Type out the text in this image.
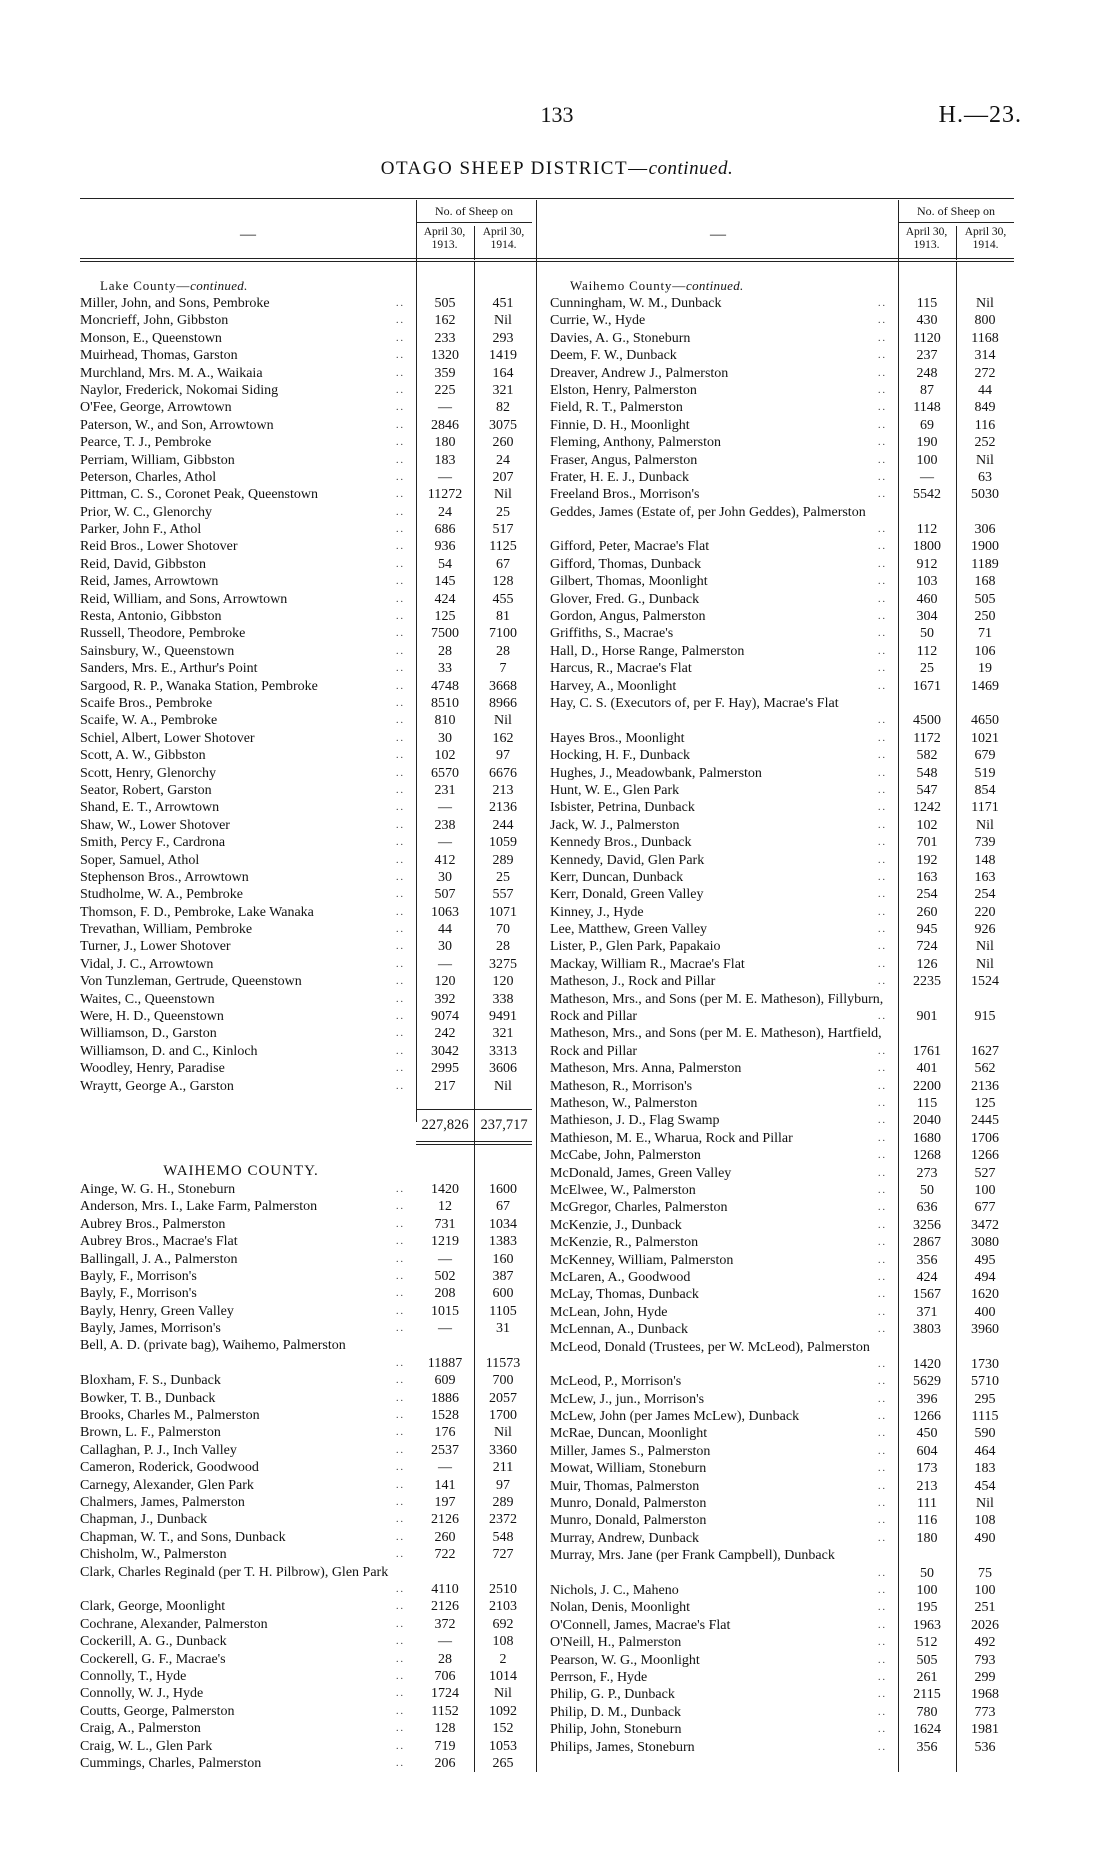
133	H.—23.
OTAGO SHEEP DISTRICT—continued.
—
No. of Sheep on
April 30, 1913.
April 30, 1914.
Lake County—continued.
Miller, John, and Sons, Pembroke	..	505	451
Moncrieff, John, Gibbston	..	162	Nil
Monson, E., Queenstown	..	233	293
Muirhead, Thomas, Garston	..	1320	1419
Murchland, Mrs. M. A., Waikaia	..	359	164
Naylor, Frederick, Nokomai Siding	..	225	321
O'Fee, George, Arrowtown	..	—	82
Paterson, W., and Son, Arrowtown	..	2846	3075
Pearce, T. J., Pembroke	..	180	260
Perriam, William, Gibbston	..	183	24
Peterson, Charles, Athol	..	—	207
Pittman, C. S., Coronet Peak, Queenstown	..	11272	Nil
Prior, W. C., Glenorchy	..	24	25
Parker, John F., Athol	..	686	517
Reid Bros., Lower Shotover	..	936	1125
Reid, David, Gibbston	..	54	67
Reid, James, Arrowtown	..	145	128
Reid, William, and Sons, Arrowtown	..	424	455
Resta, Antonio, Gibbston	..	125	81
Russell, Theodore, Pembroke	..	7500	7100
Sainsbury, W., Queenstown	..	28	28
Sanders, Mrs. E., Arthur's Point	..	33	7
Sargood, R. P., Wanaka Station, Pembroke	..	4748	3668
Scaife Bros., Pembroke	..	8510	8966
Scaife, W. A., Pembroke	..	810	Nil
Schiel, Albert, Lower Shotover	..	30	162
Scott, A. W., Gibbston	..	102	97
Scott, Henry, Glenorchy	..	6570	6676
Seator, Robert, Garston	..	231	213
Shand, E. T., Arrowtown	..	—	2136
Shaw, W., Lower Shotover	..	238	244
Smith, Percy F., Cardrona	..	—	1059
Soper, Samuel, Athol	..	412	289
Stephenson Bros., Arrowtown	..	30	25
Studholme, W. A., Pembroke	..	507	557
Thomson, F. D., Pembroke, Lake Wanaka	..	1063	1071
Trevathan, William, Pembroke	..	44	70
Turner, J., Lower Shotover	..	30	28
Vidal, J. C., Arrowtown	..	—	3275
Von Tunzleman, Gertrude, Queenstown	..	120	120
Waites, C., Queenstown	..	392	338
Were, H. D., Queenstown	..	9074	9491
Williamson, D., Garston	..	242	321
Williamson, D. and C., Kinloch	..	3042	3313
Woodley, Henry, Paradise	..	2995	3606
Wraytt, George A., Garston	..	217	Nil
227,826 237,717
WAIHEMO COUNTY.
Ainge, W. G. H., Stoneburn	..	1420	1600
Anderson, Mrs. I., Lake Farm, Palmerston	..	12	67
Aubrey Bros., Palmerston	..	731	1034
Aubrey Bros., Macrae's Flat	..	1219	1383
Ballingall, J. A., Palmerston	..	—	160
Bayly, F., Morrison's	..	502	387
Bayly, F., Morrison's	..	208	600
Bayly, Henry, Green Valley	..	1015	1105
Bayly, James, Morrison's	..	—	31
Bell, A. D. (private bag), Waihemo, Palmerston
..	11887	11573
Bloxham, F. S., Dunback	..	609	700
Bowker, T. B., Dunback	..	1886	2057
Brooks, Charles M., Palmerston	..	1528	1700
Brown, L. F., Palmerston	..	176	Nil
Callaghan, P. J., Inch Valley	..	2537	3360
Cameron, Roderick, Goodwood	..	—	211
Carnegy, Alexander, Glen Park	..	141	97
Chalmers, James, Palmerston	..	197	289
Chapman, J., Dunback	..	2126	2372
Chapman, W. T., and Sons, Dunback	..	260	548
Chisholm, W., Palmerston	..	722	727
Clark, Charles Reginald (per T. H. Pilbrow), Glen Park
..	4110	2510
Clark, George, Moonlight	..	2126	2103
Cochrane, Alexander, Palmerston	..	372	692
Cockerill, A. G., Dunback	..	—	108
Cockerell, G. F., Macrae's	..	28	2
Connolly, T., Hyde	..	706	1014
Connolly, W. J., Hyde	..	1724	Nil
Coutts, George, Palmerston	..	1152	1092
Craig, A., Palmerston	..	128	152
Craig, W. L., Glen Park	..	719	1053
Cummings, Charles, Palmerston	..	206	265
—
No. of Sheep on
April 30, 1913.
April 30, 1914.
Waihemo County—continued.
Cunningham, W. M., Dunback	..	115	Nil
Currie, W., Hyde	..	430	800
Davies, A. G., Stoneburn	..	1120	1168
Deem, F. W., Dunback	..	237	314
Dreaver, Andrew J., Palmerston	..	248	272
Elston, Henry, Palmerston	..	87	44
Field, R. T., Palmerston	..	1148	849
Finnie, D. H., Moonlight	..	69	116
Fleming, Anthony, Palmerston	..	190	252
Fraser, Angus, Palmerston	..	100	Nil
Frater, H. E. J., Dunback	..	—	63
Freeland Bros., Morrison's	..	5542	5030
Geddes, James (Estate of, per John Geddes), Palmerston
..	112	306
Gifford, Peter, Macrae's Flat	..	1800	1900
Gifford, Thomas, Dunback	..	912	1189
Gilbert, Thomas, Moonlight	..	103	168
Glover, Fred. G., Dunback	..	460	505
Gordon, Angus, Palmerston	..	304	250
Griffiths, S., Macrae's	..	50	71
Hall, D., Horse Range, Palmerston	..	112	106
Harcus, R., Macrae's Flat	..	25	19
Harvey, A., Moonlight	..	1671	1469
Hay, C. S. (Executors of, per F. Hay), Macrae's Flat
..	4500	4650
Hayes Bros., Moonlight	..	1172	1021
Hocking, H. F., Dunback	..	582	679
Hughes, J., Meadowbank, Palmerston	..	548	519
Hunt, W. E., Glen Park	..	547	854
Isbister, Petrina, Dunback	..	1242	1171
Jack, W. J., Palmerston	..	102	Nil
Kennedy Bros., Dunback	..	701	739
Kennedy, David, Glen Park	..	192	148
Kerr, Duncan, Dunback	..	163	163
Kerr, Donald, Green Valley	..	254	254
Kinney, J., Hyde	..	260	220
Lee, Matthew, Green Valley	..	945	926
Lister, P., Glen Park, Papakaio	..	724	Nil
Mackay, William R., Macrae's Flat	..	126	Nil
Matheson, J., Rock and Pillar	..	2235	1524
Matheson, Mrs., and Sons (per M. E. Matheson), Fillyburn, Rock and Pillar	..	901	915
Matheson, Mrs., and Sons (per M. E. Matheson), Hartfield, Rock and Pillar	..	1761	1627
Matheson, Mrs. Anna, Palmerston	..	401	562
Matheson, R., Morrison's	..	2200	2136
Matheson, W., Palmerston	..	115	125
Mathieson, J. D., Flag Swamp	..	2040	2445
Mathieson, M. E., Wharua, Rock and Pillar	..	1680	1706
McCabe, John, Palmerston	..	1268	1266
McDonald, James, Green Valley	..	273	527
McElwee, W., Palmerston	..	50	100
McGregor, Charles, Palmerston	..	636	677
McKenzie, J., Dunback	..	3256	3472
McKenzie, R., Palmerston	..	2867	3080
McKenney, William, Palmerston	..	356	495
McLaren, A., Goodwood	..	424	494
McLay, Thomas, Dunback	..	1567	1620
McLean, John, Hyde	..	371	400
McLennan, A., Dunback	..	3803	3960
McLeod, Donald (Trustees, per W. McLeod), Palmerston
..	1420	1730
McLeod, P., Morrison's	..	5629	5710
McLew, J., jun., Morrison's	..	396	295
McLew, John (per James McLew), Dunback	..	1266	1115
McRae, Duncan, Moonlight	..	450	590
Miller, James S., Palmerston	..	604	464
Mowat, William, Stoneburn	..	173	183
Muir, Thomas, Palmerston	..	213	454
Munro, Donald, Palmerston	..	111	Nil
Munro, Donald, Palmerston	..	116	108
Murray, Andrew, Dunback	..	180	490
Murray, Mrs. Jane (per Frank Campbell), Dunback
..	50	75
Nichols, J. C., Maheno	..	100	100
Nolan, Denis, Moonlight	..	195	251
O'Connell, James, Macrae's Flat	..	1963	2026
O'Neill, H., Palmerston	..	512	492
Pearson, W. G., Moonlight	..	505	793
Perrson, F., Hyde	..	261	299
Philip, G. P., Dunback	..	2115	1968
Philip, D. M., Dunback	..	780	773
Philip, John, Stoneburn	..	1624	1981
Philips, James, Stoneburn	..	356	536
